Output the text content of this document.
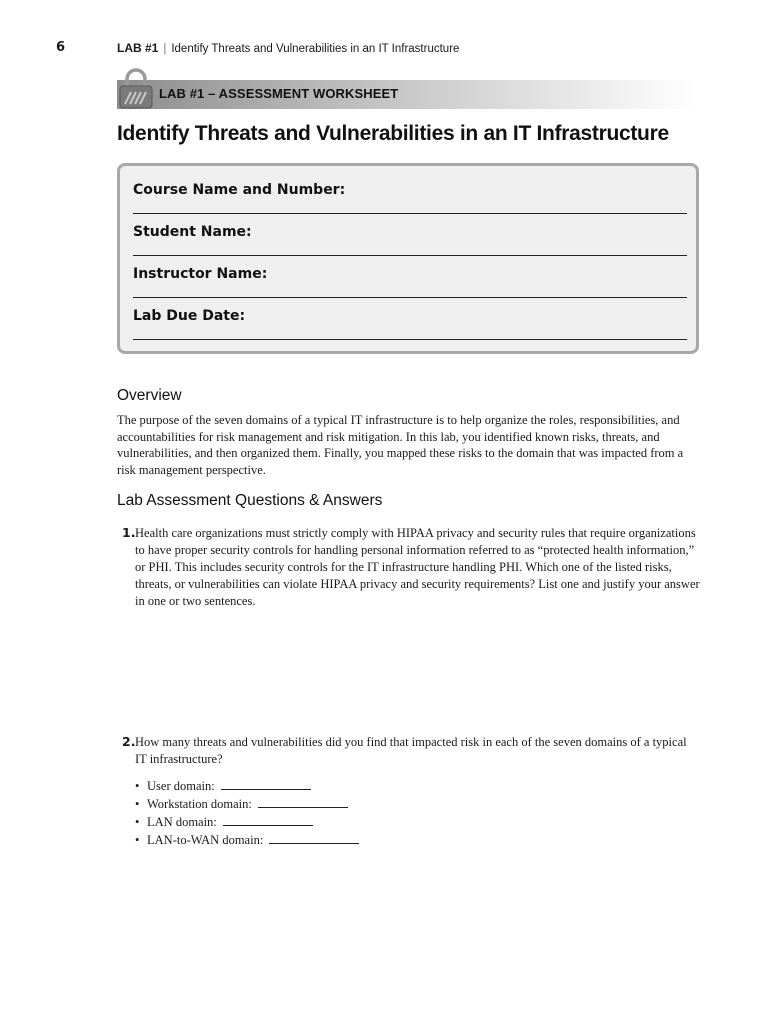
6	LAB #1 | Identify Threats and Vulnerabilities in an IT Infrastructure
LAB #1 – ASSESSMENT WORKSHEET
Identify Threats and Vulnerabilities in an IT Infrastructure
Course Name and Number:
Student Name:
Instructor Name:
Lab Due Date:
Overview

The purpose of the seven domains of a typical IT infrastructure is to help organize the roles, responsibilities, and accountabilities for risk management and risk mitigation. In this lab, you identified known risks, threats, and vulnerabilities, and then organized them. Finally, you mapped these risks to the domain that was impacted from a risk management perspective.

Lab Assessment Questions & Answers
1. Health care organizations must strictly comply with HIPAA privacy and security rules that require organizations to have proper security controls for handling personal information referred to as “protected health information,” or PHI. This includes security controls for the IT infrastructure handling PHI. Which one of the listed risks, threats, or vulnerabilities can violate HIPAA privacy and security requirements? List one and justify your answer in one or two sentences.

2. How many threats and vulnerabilities did you find that impacted risk in each of the seven domains of a typical IT infrastructure?

• User domain:
• Workstation domain:
• LAN domain:
• LAN-to-WAN domain:
